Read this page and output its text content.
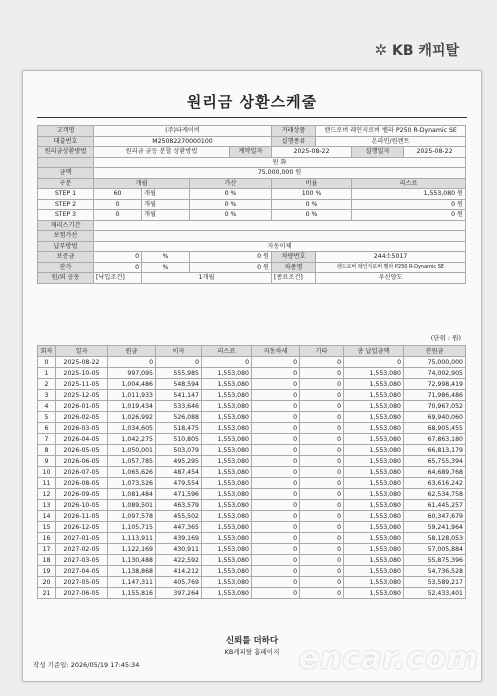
✲ KB 캐피탈
원리금 상환스케줄
고객명	(주)타케이비				거래상품	랜드로버 레인지로버 벨라 P250 R-Dynamic SE		
대출번호	M25082270000100				실행종류	온라인/원렌트		
원리금상환방법	원리금 균등 분할 상환방법			계약일자	2025-08-22		실행일자	2025-08-22
	원 화							
금액	75,000,000 원							
구분	개월		가산		비율		리스료	
STEP 1	60	개월	0 %		100 %		1,553,080 원	
STEP 2	0	개월	0 %		0 %		0 원	
STEP 3	0	개월	0 %		0 %		0 원	
재리스기간								
보험가산								
납부방법	자동이체							
보증금	0	%	0 원		차량번호	244소5017		
잔가	0	%	0 원		차종명	랜드로버 레인지로버 벨라 P250 R-Dynamic SE		
원/외 공동	[낙입조건]	1개월			[종료조건]	우선양도		
(단위 : 원)
회차	일자	원금	이자	리스료	지동차세	기타	총 납입금액	잔원금
0	2025-08-22	0	0	0	0	0	0	75,000,000
1	2025-10-05	997,095	555,985	1,553,080	0	0	1,553,080	74,002,905
2	2025-11-05	1,004,486	548,594	1,553,080	0	0	1,553,080	72,998,419
3	2025-12-05	1,011,933	541,147	1,553,080	0	0	1,553,080	71,986,486
4	2026-01-05	1,019,434	533,646	1,553,080	0	0	1,553,080	70,967,052
5	2026-02-05	1,026,992	526,088	1,553,080	0	0	1,553,080	69,940,060
6	2026-03-05	1,034,605	518,475	1,553,080	0	0	1,553,080	68,905,455
7	2026-04-05	1,042,275	510,805	1,553,080	0	0	1,553,080	67,863,180
8	2026-05-05	1,050,001	503,079	1,553,080	0	0	1,553,080	66,813,179
9	2026-06-05	1,057,785	495,295	1,553,080	0	0	1,553,080	65,755,394
10	2026-07-05	1,065,626	487,454	1,553,080	0	0	1,553,080	64,689,768
11	2026-08-05	1,073,526	479,554	1,553,080	0	0	1,553,080	63,616,242
12	2026-09-05	1,081,484	471,596	1,553,080	0	0	1,553,080	62,534,758
13	2026-10-05	1,089,501	463,579	1,553,080	0	0	1,553,080	61,445,257
14	2026-11-05	1,097,578	455,502	1,553,080	0	0	1,553,080	60,347,679
15	2026-12-05	1,105,715	447,365	1,553,080	0	0	1,553,080	59,241,964
16	2027-01-05	1,113,911	439,169	1,553,080	0	0	1,553,080	58,128,053
17	2027-02-05	1,122,169	430,911	1,553,080	0	0	1,553,080	57,005,884
18	2027-03-05	1,130,488	422,592	1,553,080	0	0	1,553,080	55,875,396
19	2027-04-05	1,138,868	414,212	1,553,080	0	0	1,553,080	54,736,528
20	2027-05-05	1,147,311	405,769	1,553,080	0	0	1,553,080	53,589,217
21	2027-06-05	1,155,816	397,264	1,553,080	0	0	1,553,080	52,433,401
신뢰를 더하다
KB캐피탈 홈페이지
작성 기준일: 2026/05/19 17:45:34	encar.com
